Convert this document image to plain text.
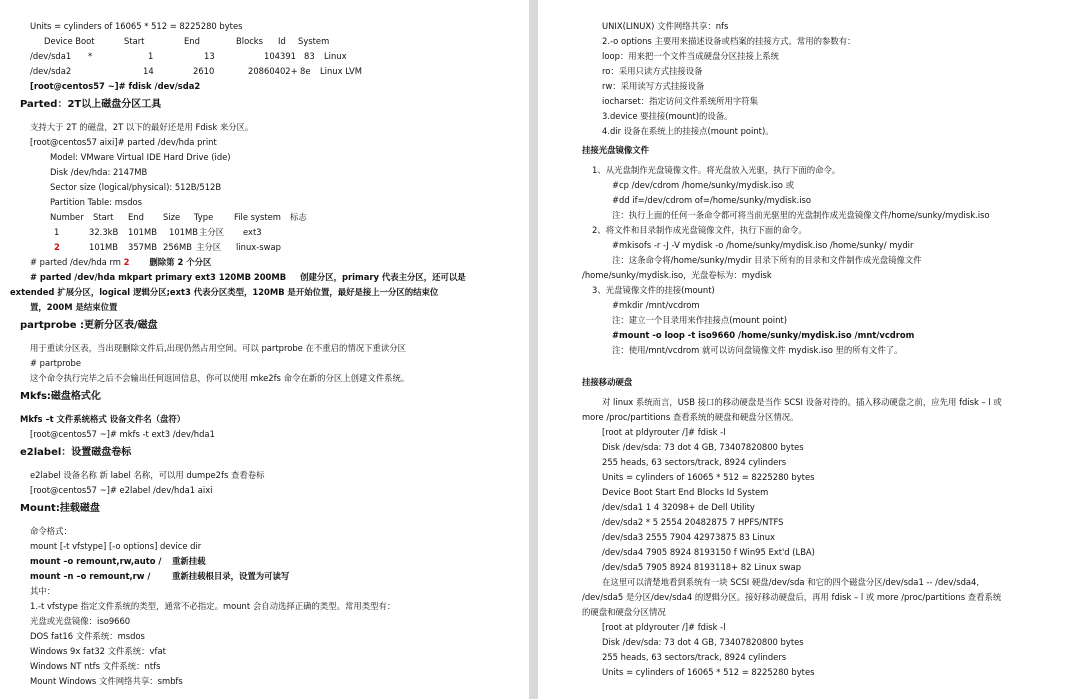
Units = cylinders of 16065 * 512 = 8225280 bytes
Device Boot	Start	End	Blocks Id System
/dev/sda1 *	1	13	104391 83 Linux
/dev/sda2	14	2610	20860402+ 8e Linux LVM
[root@centos57 ~]# fdisk /dev/sda2
Parted：2T以上磁盘分区工具
支持大于 2T 的磁盘，2T 以下的最好还是用 Fdisk 来分区。
[root@centos57 aixi]# parted /dev/hda print
Model: VMware Virtual IDE Hard Drive (ide)
Disk /dev/hda: 2147MB
Sector size (logical/physical): 512B/512B
Partition Table: msdos
Number Start End Size Type File system 标志
1	32.3kB 101MB 101MB主分区 ext3
2	101MB 357MB 256MB 主分区 linux-swap
# parted /dev/hda rm 2 删除第 2 个分区
# parted /dev/hda mkpart primary ext3 120MB 200MB 创建分区，primary 代表主分区，还可以是
extended 扩展分区，logical 逻辑分区;ext3 代表分区类型，120MB 是开始位置，最好是接上一分区的结束位
置，200M 是结束位置
partprobe :更新分区表/磁盘
用于重读分区表，当出现删除文件后,出现仍然占用空间。可以 partprobe 在不重启的情况下重读分区
# partprobe
这个命令执行完毕之后不会输出任何返回信息，你可以使用 mke2fs 命令在新的分区上创建文件系统。
Mkfs:磁盘格式化
Mkfs –t 文件系统格式 设备文件名（盘符）
[root@centos57 ~]# mkfs -t ext3 /dev/hda1
e2label：设置磁盘卷标
e2label 设备名称 新 label 名称，可以用 dumpe2fs 查看卷标
[root@centos57 ~]# e2label /dev/hda1 aixi
Mount:挂载磁盘
命令格式：
mount [-t vfstype] [-o options] device dir
mount –o remount,rw,auto / 重新挂载
mount –n –o remount,rw /	重新挂载根目录，设置为可读写
其中：
1.-t vfstype 指定文件系统的类型，通常不必指定。mount 会自动选择正确的类型。常用类型有：
光盘或光盘镜像：iso9660
DOS fat16 文件系统：msdos
Windows 9x fat32 文件系统：vfat
Windows NT ntfs 文件系统：ntfs
Mount Windows 文件网络共享：smbfs
UNIX(LINUX) 文件网络共享：nfs
2.-o options 主要用来描述设备或档案的挂接方式。常用的参数有：
loop：用来把一个文件当成硬盘分区挂接上系统
ro：采用只读方式挂接设备
rw：采用读写方式挂接设备
iocharset：指定访问文件系统所用字符集
3.device 要挂接(mount)的设备。
4.dir 设备在系统上的挂接点(mount point)。
挂接光盘镜像文件
1、从光盘制作光盘镜像文件。将光盘放入光驱，执行下面的命令。
#cp /dev/cdrom /home/sunky/mydisk.iso 或
#dd if=/dev/cdrom of=/home/sunky/mydisk.iso
注：执行上面的任何一条命令都可将当前光驱里的光盘制作成光盘镜像文件/home/sunky/mydisk.iso
2、将文件和目录制作成光盘镜像文件，执行下面的命令。
#mkisofs -r -J -V mydisk -o /home/sunky/mydisk.iso /home/sunky/ mydir
注：这条命令将/home/sunky/mydir 目录下所有的目录和文件制作成光盘镜像文件
/home/sunky/mydisk.iso，光盘卷标为：mydisk
3、光盘镜像文件的挂接(mount)
#mkdir /mnt/vcdrom
注：建立一个目录用来作挂接点(mount point)
#mount -o loop -t iso9660 /home/sunky/mydisk.iso /mnt/vcdrom
注：使用/mnt/vcdrom 就可以访问盘镜像文件 mydisk.iso 里的所有文件了。
挂接移动硬盘
对 linux 系统而言，USB 接口的移动硬盘是当作 SCSI 设备对待的。插入移动硬盘之前，应先用 fdisk – l 或
more /proc/partitions 查看系统的硬盘和硬盘分区情况。
[root at pldyrouter /]# fdisk -l
Disk /dev/sda: 73 dot 4 GB, 73407820800 bytes
255 heads, 63 sectors/track, 8924 cylinders
Units = cylinders of 16065 * 512 = 8225280 bytes
Device Boot Start End Blocks Id System
/dev/sda1 1 4 32098+ de Dell Utility
/dev/sda2 * 5 2554 20482875 7 HPFS/NTFS
/dev/sda3 2555 7904 42973875 83 Linux
/dev/sda4 7905 8924 8193150 f Win95 Ext'd (LBA)
/dev/sda5 7905 8924 8193118+ 82 Linux swap
在这里可以清楚地看到系统有一块 SCSI 硬盘/dev/sda 和它的四个磁盘分区/dev/sda1 -- /dev/sda4,
/dev/sda5 是分区/dev/sda4 的逻辑分区。接好移动硬盘后，再用 fdisk – l 或 more /proc/partitions 查看系统
的硬盘和硬盘分区情况
[root at pldyrouter /]# fdisk -l
Disk /dev/sda: 73 dot 4 GB, 73407820800 bytes
255 heads, 63 sectors/track, 8924 cylinders
Units = cylinders of 16065 * 512 = 8225280 bytes
